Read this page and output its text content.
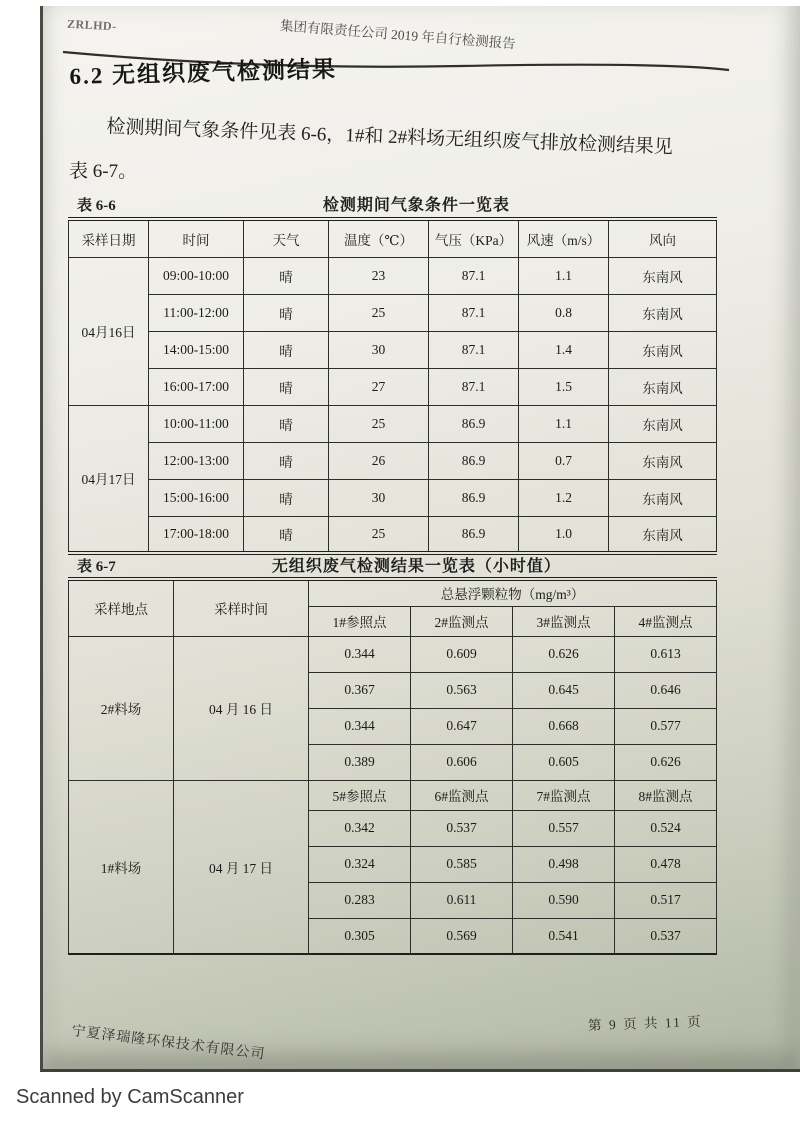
ZRLHD-	集团有限责任公司 2019 年自行检测报告
6.2 无组织废气检测结果

检测期间气象条件见表 6-6，1#和 2#料场无组织废气排放检测结果见

表 6-7。

表 6-6	检测期间气象条件一览表
采样日期	时间	天气	温度（℃）	气压（KPa）	风速（m/s）	风向
04月16日	09:00-10:00	晴	23	87.1	1.1	东南风
	11:00-12:00	晴	25	87.1	0.8	东南风
	14:00-15:00	晴	30	87.1	1.4	东南风
	16:00-17:00	晴	27	87.1	1.5	东南风
04月17日	10:00-11:00	晴	25	86.9	1.1	东南风
	12:00-13:00	晴	26	86.9	0.7	东南风
	15:00-16:00	晴	30	86.9	1.2	东南风
	17:00-18:00	晴	25	86.9	1.0	东南风
表 6-7	无组织废气检测结果一览表（小时值）
采样地点	采样时间	总悬浮颗粒物（mg/m³）			
		1#参照点	2#监测点	3#监测点	4#监测点
2#料场	04 月 16 日	0.344	0.609	0.626	0.613
		0.367	0.563	0.645	0.646
		0.344	0.647	0.668	0.577
		0.389	0.606	0.605	0.626
1#料场	04 月 17 日	5#参照点	6#监测点	7#监测点	8#监测点
		0.342	0.537	0.557	0.524
		0.324	0.585	0.498	0.478
		0.283	0.611	0.590	0.517
		0.305	0.569	0.541	0.537
宁夏泽瑞隆环保技术有限公司
第 9 页 共 11 页
Scanned by CamScanner
